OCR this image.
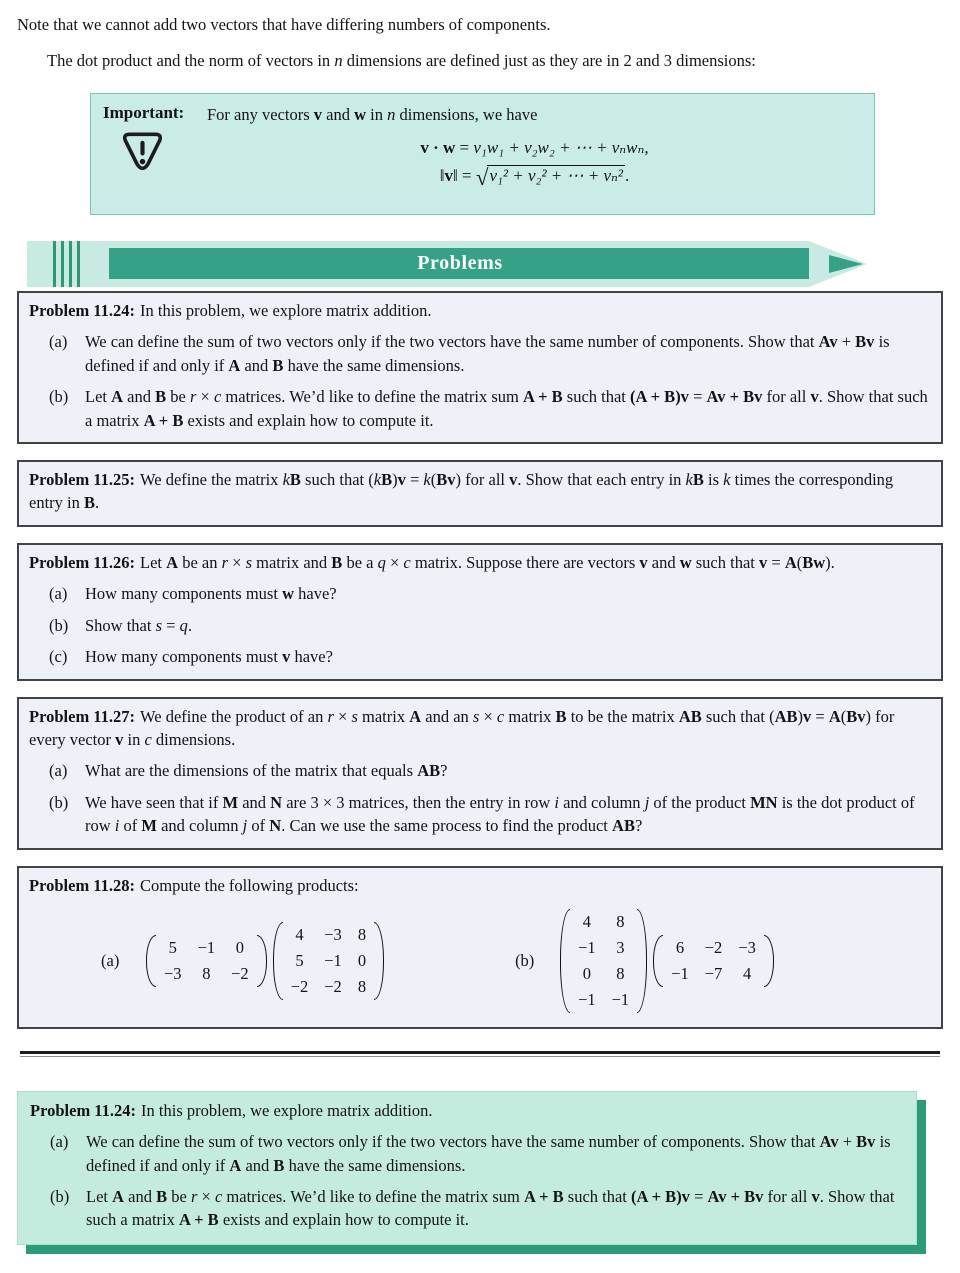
Note that we cannot add two vectors that have differing numbers of components.

The dot product and the norm of vectors in n dimensions are defined just as they are in 2 and 3 dimensions:

Important:	For any vectors v and w in n dimensions, we have

v · w = v₁w₁ + v₂w₂ + ⋯ + vₙwₙ,
‖v‖ = √v₁² + v₂² + ⋯ + vₙ² .
Problems

Problem 11.24: In this problem, we explore matrix addition.

(a)	We can define the sum of two vectors only if the two vectors have the same number of components. Show that Av + Bv is defined if and only if A and B have the same dimensions.
(b)	Let A and B be r × c matrices. We’d like to define the matrix sum A + B such that (A + B)v = Av + Bv for all v. Show that such a matrix A + B exists and explain how to compute it.

Problem 11.25: We define the matrix kB such that (kB)v = k(Bv) for all v. Show that each entry in kB is k times the corresponding entry in B.

Problem 11.26: Let A be an r × s matrix and B be a q × c matrix. Suppose there are vectors v and w such that v = A(Bw).

(a)	How many components must w have?
(b)	Show that s = q.
(c)	How many components must v have?

Problem 11.27: We define the product of an r × s matrix A and an s × c matrix B to be the matrix AB such that (AB)v = A(Bv) for every vector v in c dimensions.

(a)	What are the dimensions of the matrix that equals AB?
(b)	We have seen that if M and N are 3 × 3 matrices, then the entry in row i and column j of the product MN is the dot product of row i of M and column j of N. Can we use the same process to find the product AB?

Problem 11.28: Compute the following products:

(a)
5	−1	0
−3	8	−2
4	−3	8
5	−1	0
−2	−2	8
(b)
4	8
−1	3
0	8
−1	−1
6	−2	−3
−1	−7	4

Problem 11.24: In this problem, we explore matrix addition.

(a)	We can define the sum of two vectors only if the two vectors have the same number of components. Show that Av + Bv is defined if and only if A and B have the same dimensions.
(b)	Let A and B be r × c matrices. We’d like to define the matrix sum A + B such that (A + B)v = Av + Bv for all v. Show that such a matrix A + B exists and explain how to compute it.
